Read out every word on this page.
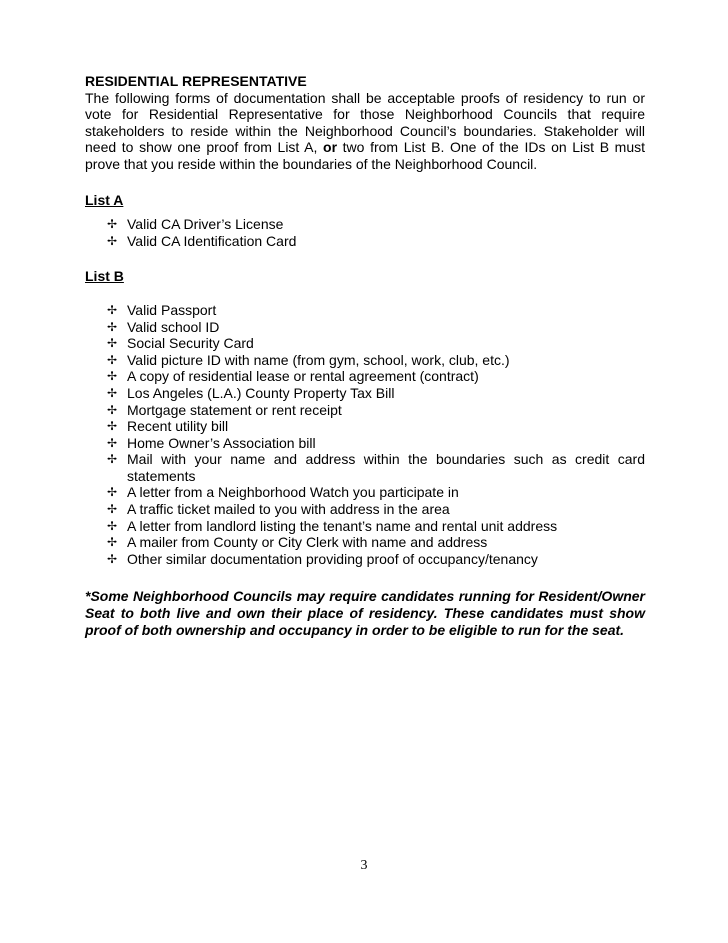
RESIDENTIAL REPRESENTATIVE

The following forms of documentation shall be acceptable proofs of residency to run or vote for Residential Representative for those Neighborhood Councils that require stakeholders to reside within the Neighborhood Council’s boundaries. Stakeholder will need to show one proof from List A, or two from List B. One of the IDs on List B must prove that you reside within the boundaries of the Neighborhood Council.

List A

✢ Valid CA Driver’s License
✢ Valid CA Identification Card

List B

✢ Valid Passport
✢ Valid school ID
✢ Social Security Card
✢ Valid picture ID with name (from gym, school, work, club, etc.)
✢ A copy of residential lease or rental agreement (contract)
✢ Los Angeles (L.A.) County Property Tax Bill
✢ Mortgage statement or rent receipt
✢ Recent utility bill
✢ Home Owner’s Association bill
✢ Mail with your name and address within the boundaries such as credit card statements
✢ A letter from a Neighborhood Watch you participate in
✢ A traffic ticket mailed to you with address in the area
✢ A letter from landlord listing the tenant’s name and rental unit address
✢ A mailer from County or City Clerk with name and address
✢ Other similar documentation providing proof of occupancy/tenancy

*Some Neighborhood Councils may require candidates running for Resident/Owner Seat to both live and own their place of residency. These candidates must show proof of both ownership and occupancy in order to be eligible to run for the seat.

3
